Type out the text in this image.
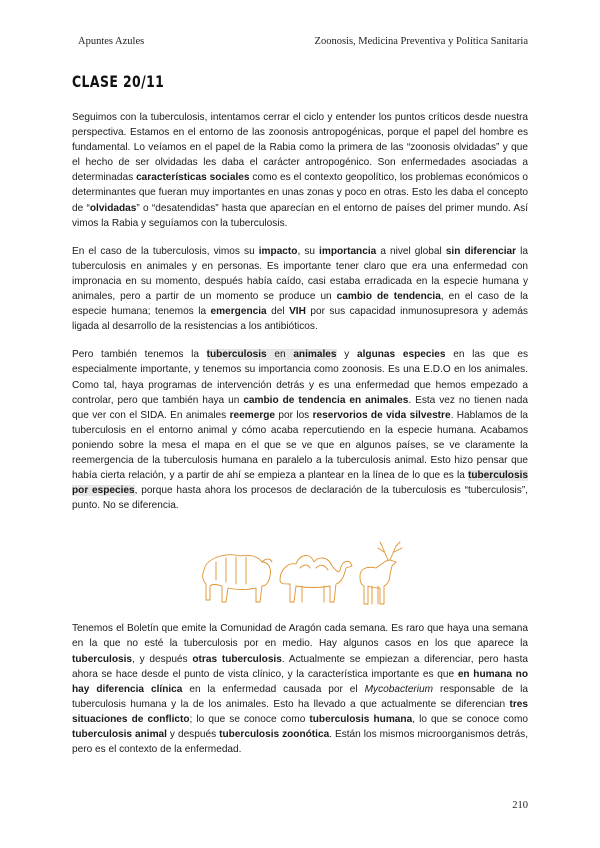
Apuntes Azules	Zoonosis, Medicina Preventiva y Política Sanitaria
CLASE 20/11

Seguimos con la tuberculosis, intentamos cerrar el ciclo y entender los puntos críticos desde nuestra perspectiva. Estamos en el entorno de las zoonosis antropogénicas, porque el papel del hombre es fundamental. Lo veíamos en el papel de la Rabia como la primera de las “zoonosis olvidadas” y que el hecho de ser olvidadas les daba el carácter antropogénico. Son enfermedades asociadas a determinadas características sociales como es el contexto geopolítico, los problemas económicos o determinantes que fueran muy importantes en unas zonas y poco en otras. Esto les daba el concepto de “olvidadas” o “desatendidas” hasta que aparecían en el entorno de países del primer mundo. Así vimos la Rabia y seguíamos con la tuberculosis.

En el caso de la tuberculosis, vimos su impacto, su importancia a nivel global sin diferenciar la tuberculosis en animales y en personas. Es importante tener claro que era una enfermedad con impronacia en su momento, después había caído, casi estaba erradicada en la especie humana y animales, pero a partir de un momento se produce un cambio de tendencia, en el caso de la especie humana; tenemos la emergencia del VIH por sus capacidad inmunosupresora y además ligada al desarrollo de la resistencias a los antibióticos.

Pero también tenemos la tuberculosis en animales y algunas especies en las que es especialmente importante, y tenemos su importancia como zoonosis. Es una E.D.O en los animales. Como tal, haya programas de intervención detrás y es una enfermedad que hemos empezado a controlar, pero que también haya un cambio de tendencia en animales. Esta vez no tienen nada que ver con el SIDA. En animales reemerge por los reservorios de vida silvestre. Hablamos de la tuberculosis en el entorno animal y cómo acaba repercutiendo en la especie humana. Acabamos poniendo sobre la mesa el mapa en el que se ve que en algunos países, se ve claramente la reemergencia de la tuberculosis humana en paralelo a la tuberculosis animal. Esto hizo pensar que había cierta relación, y a partir de ahí se empieza a plantear en la línea de lo que es la tuberculosis por especies, porque hasta ahora los procesos de declaración de la tuberculosis es “tuberculosis”, punto. No se diferencia.

Tenemos el Boletín que emite la Comunidad de Aragón cada semana. Es raro que haya una semana en la que no esté la tuberculosis por en medio. Hay algunos casos en los que aparece la tuberculosis, y después otras tuberculosis. Actualmente se empiezan a diferenciar, pero hasta ahora se hace desde el punto de vista clínico, y la característica importante es que en humana no hay diferencia clínica en la enfermedad causada por el Mycobacterium responsable de la tuberculosis humana y la de los animales. Esto ha llevado a que actualmente se diferencian tres situaciones de conflicto; lo que se conoce como tuberculosis humana, lo que se conoce como tuberculosis animal y después tuberculosis zoonótica. Están los mismos microorganismos detrás, pero es el contexto de la enfermedad.

210
